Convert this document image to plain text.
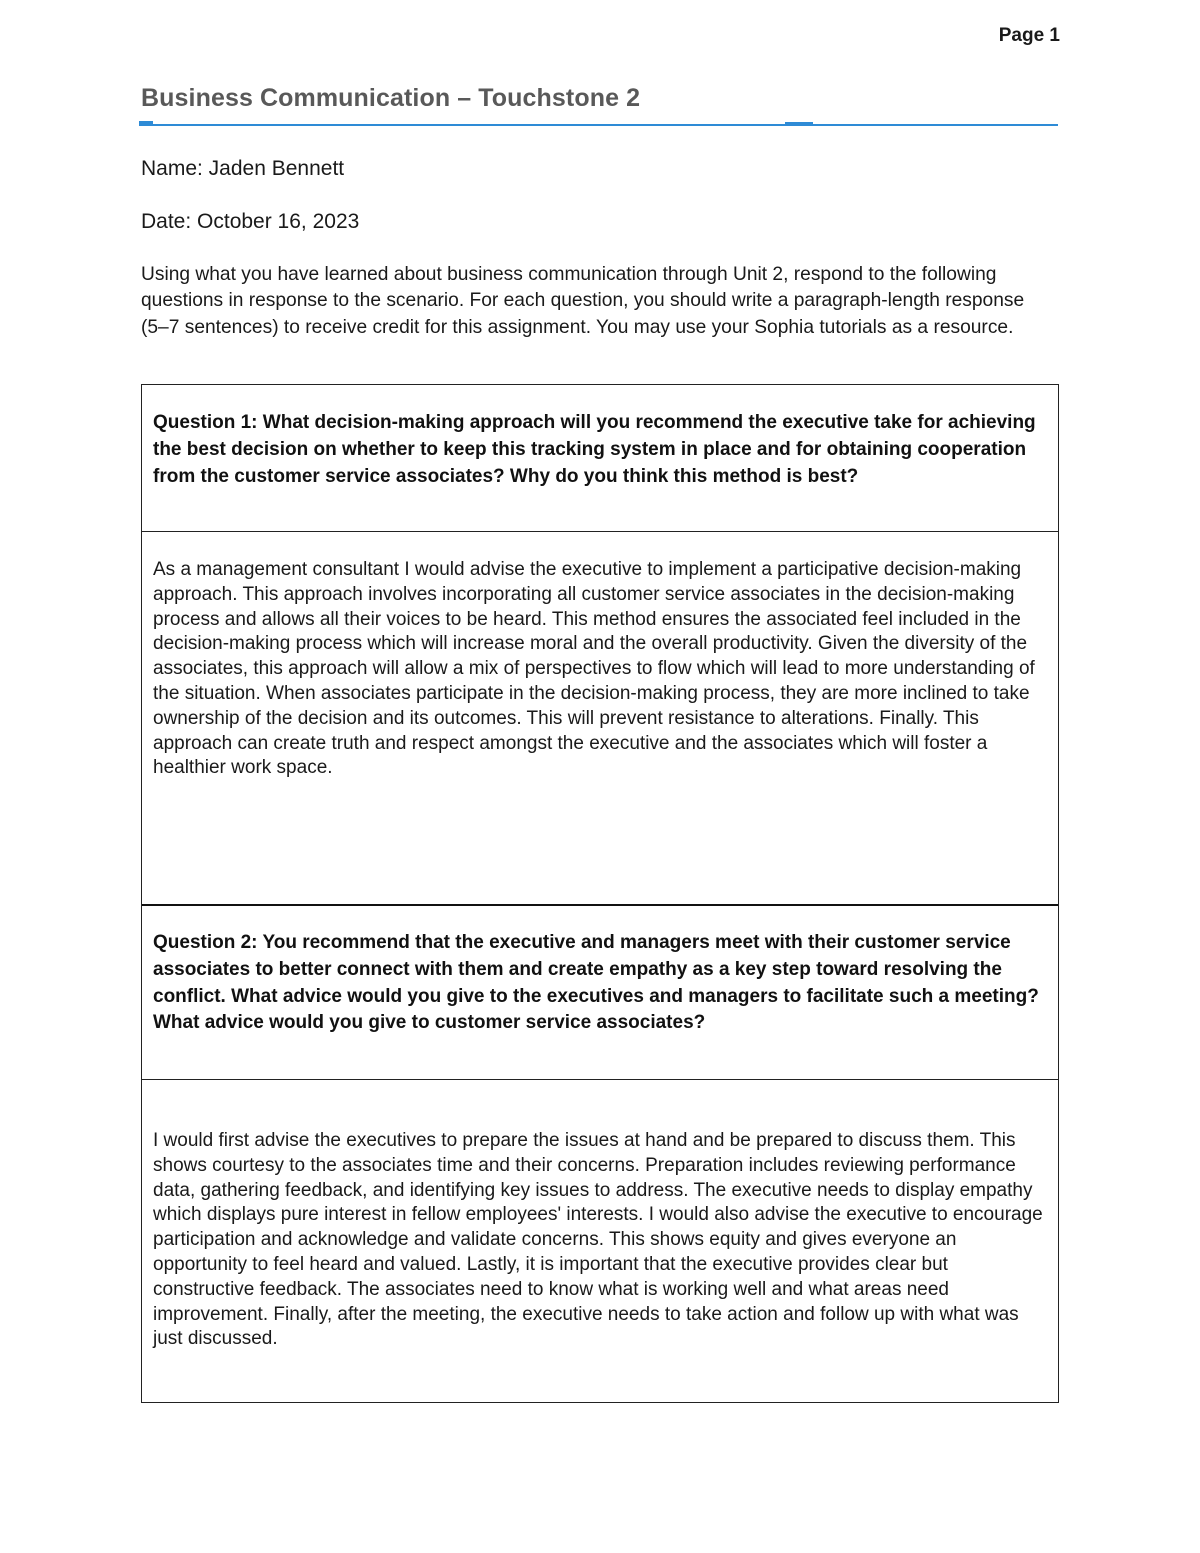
Page 1
Business Communication – Touchstone 2
Name: Jaden Bennett
Date: October 16, 2023
Using what you have learned about business communication through Unit 2, respond to the following questions in response to the scenario. For each question, you should write a paragraph-length response (5–7 sentences) to receive credit for this assignment. You may use your Sophia tutorials as a resource.
Question 1: What decision-making approach will you recommend the executive take for achieving the best decision on whether to keep this tracking system in place and for obtaining cooperation from the customer service associates? Why do you think this method is best?
As a management consultant I would advise the executive to implement a participative decision-making approach. This approach involves incorporating all customer service associates in the decision-making process and allows all their voices to be heard. This method ensures the associated feel included in the decision-making process which will increase moral and the overall productivity. Given the diversity of the associates, this approach will allow a mix of perspectives to flow which will lead to more understanding of the situation. When associates participate in the decision-making process, they are more inclined to take ownership of the decision and its outcomes. This will prevent resistance to alterations. Finally. This approach can create truth and respect amongst the executive and the associates which will foster a healthier work space.
Question 2: You recommend that the executive and managers meet with their customer service associates to better connect with them and create empathy as a key step toward resolving the conflict. What advice would you give to the executives and managers to facilitate such a meeting? What advice would you give to customer service associates?
I would first advise the executives to prepare the issues at hand and be prepared to discuss them. This shows courtesy to the associates time and their concerns. Preparation includes reviewing performance data, gathering feedback, and identifying key issues to address. The executive needs to display empathy which displays pure interest in fellow employees' interests. I would also advise the executive to encourage participation and acknowledge and validate concerns. This shows equity and gives everyone an opportunity to feel heard and valued. Lastly, it is important that the executive provides clear but constructive feedback. The associates need to know what is working well and what areas need improvement. Finally, after the meeting, the executive needs to take action and follow up with what was just discussed.
